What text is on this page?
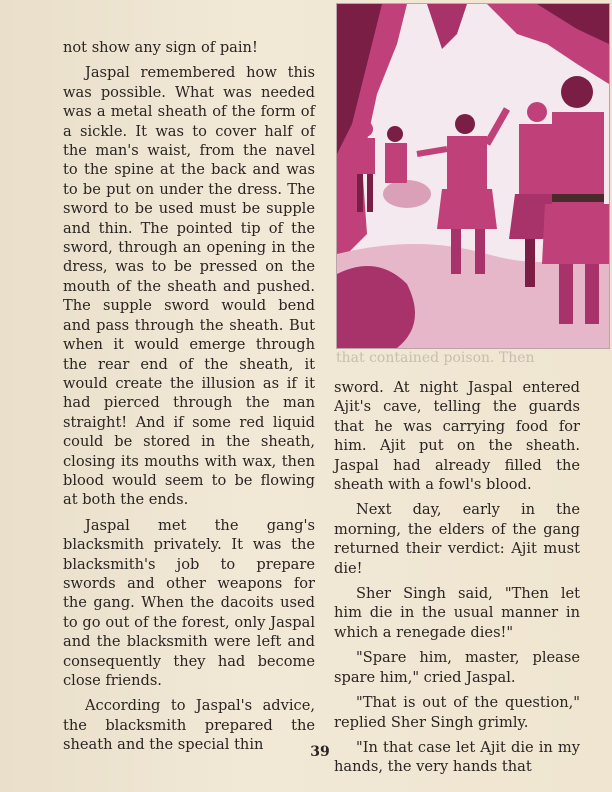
not show any sign of pain!

Jaspal remembered how this was possible. What was needed was a metal sheath of the form of a sickle. It was to cover half of the man's waist, from the navel to the spine at the back and was to be put on under the dress. The sword to be used must be supple and thin. The pointed tip of the sword, through an opening in the dress, was to be pressed on the mouth of the sheath and pushed. The supple sword would bend and pass through the sheath. But when it would emerge through the rear end of the sheath, it would create the illusion as if it had pierced through the man straight! And if some red liquid could be stored in the sheath, closing its mouths with wax, then blood would seem to be flowing at both the ends.

Jaspal met the gang's blacksmith privately. It was the blacksmith's job to prepare swords and other weapons for the gang. When the dacoits used to go out of the forest, only Jaspal and the blacksmith were left and consequently they had become close friends.

According to Jaspal's advice, the blacksmith prepared the sheath and the special thin

that contained poison. Then

sword. At night Jaspal entered Ajit's cave, telling the guards that he was carrying food for him. Ajit put on the sheath. Jaspal had already filled the sheath with a fowl's blood.

Next day, early in the morning, the elders of the gang returned their verdict: Ajit must die!

Sher Singh said, "Then let him die in the usual manner in which a renegade dies!"

"Spare him, master, please spare him," cried Jaspal.

"That is out of the question," replied Sher Singh grimly.

"In that case let Ajit die in my hands, the very hands that

39
